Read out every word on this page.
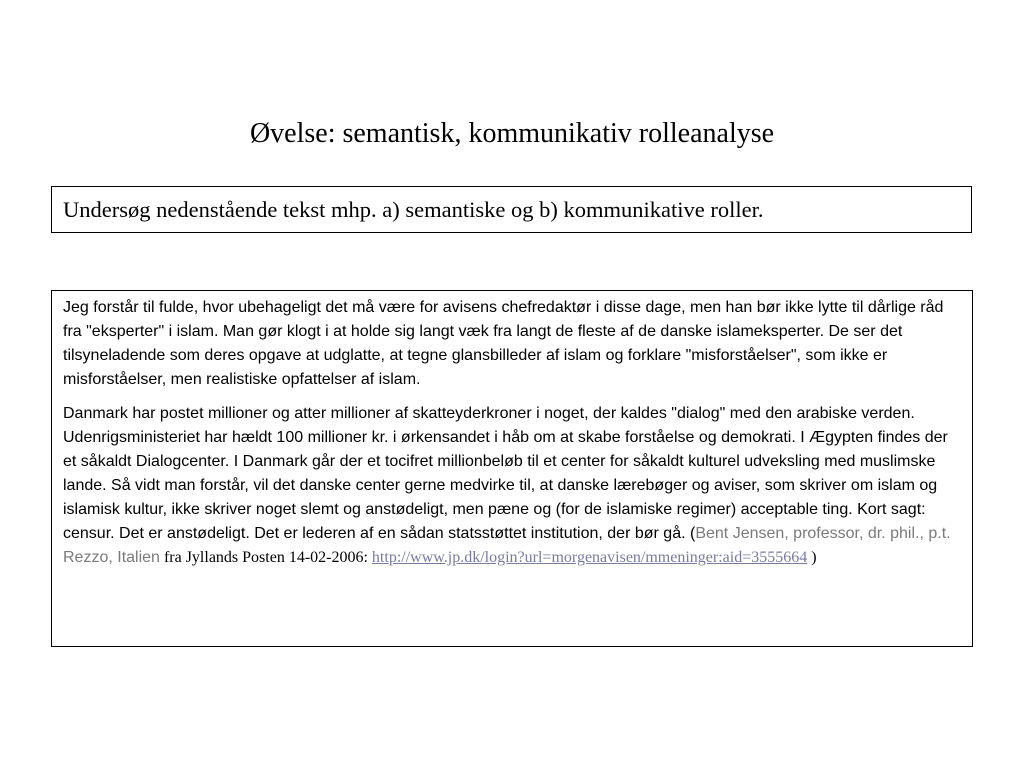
Øvelse: semantisk, kommunikativ rolleanalyse
Undersøg nedenstående tekst mhp. a) semantiske og b) kommunikative roller.

Jeg forstår til fulde, hvor ubehageligt det må være for avisens chefredaktør i disse dage, men han bør ikke lytte til dårlige råd fra "eksperter" i islam. Man gør klogt i at holde sig langt væk fra langt de fleste af de danske islameksperter. De ser det tilsyneladende som deres opgave at udglatte, at tegne glansbilleder af islam og forklare "misforståelser", som ikke er misforståelser, men realistiske opfattelser af islam.

Danmark har postet millioner og atter millioner af skatteyderkroner i noget, der kaldes "dialog" med den arabiske verden. Udenrigsministeriet har hældt 100 millioner kr. i ørkensandet i håb om at skabe forståelse og demokrati. I Ægypten findes der et såkaldt Dialogcenter. I Danmark går der et tocifret millionbeløb til et center for såkaldt kulturel udveksling med muslimske lande. Så vidt man forstår, vil det danske center gerne medvirke til, at danske lærebøger og aviser, som skriver om islam og islamisk kultur, ikke skriver noget slemt og anstødeligt, men pæne og (for de islamiske regimer) acceptable ting. Kort sagt: censur. Det er anstødeligt. Det er lederen af en sådan statsstøttet institution, der bør gå. (Bent Jensen, professor, dr. phil., p.t. Rezzo, Italien fra Jyllands Posten 14-02-2006: http://www.jp.dk/login?url=morgenavisen/mmeninger:aid=3555664 )
